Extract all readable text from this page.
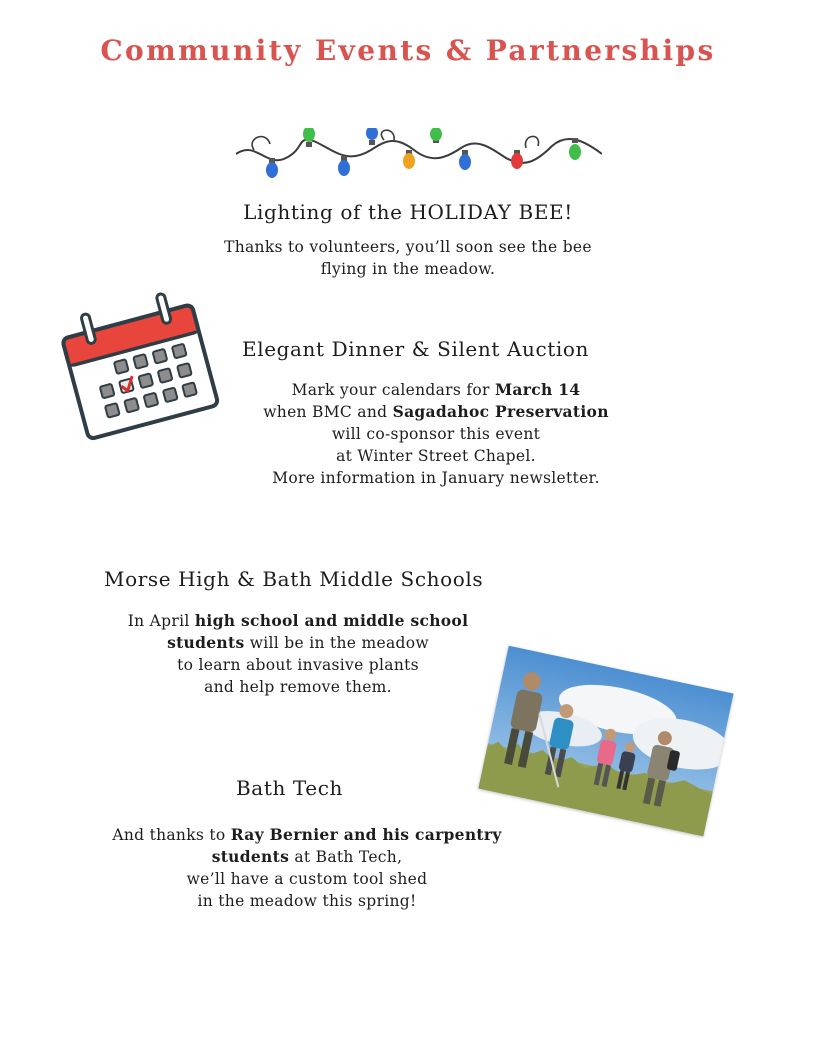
Community Events & Partnerships
Lighting of the HOLIDAY BEE!
Thanks to volunteers, you’ll soon see the bee
flying in the meadow.
Elegant Dinner & Silent Auction
Mark your calendars for March 14
when BMC and Sagadahoc Preservation
will co-sponsor this event
at Winter Street Chapel.
More information in January newsletter.
Morse High & Bath Middle Schools
In April high school and middle school
students will be in the meadow
to learn about invasive plants
and help remove them.
Bath Tech
And thanks to Ray Bernier and his carpentry
students at Bath Tech,
we’ll have a custom tool shed
in the meadow this spring!
